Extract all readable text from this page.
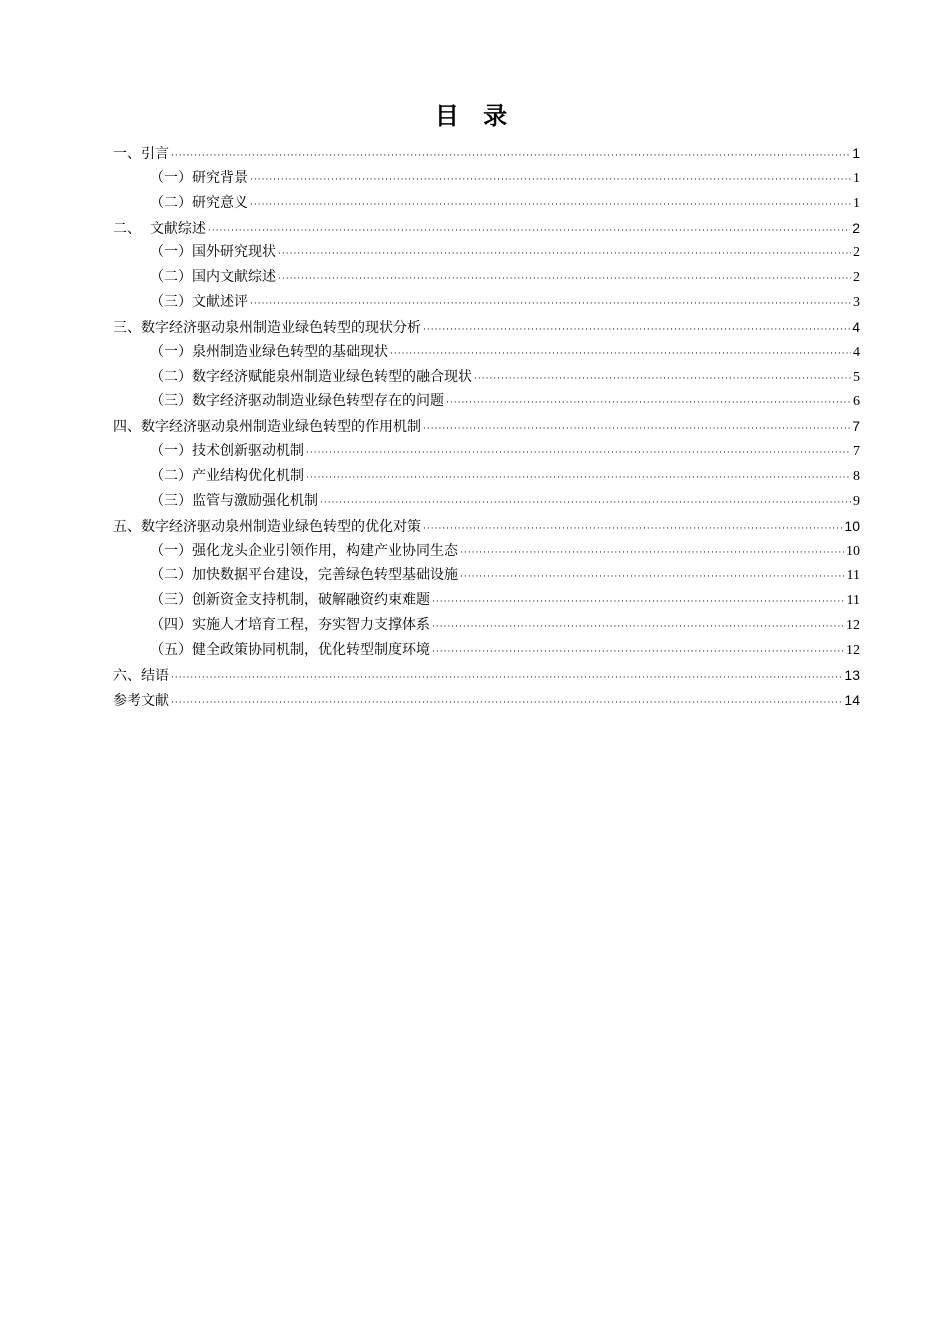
目 录
一、引言 ·····	1
（一）研究背景 ·····	1
（二）研究意义 ·····	1
二、  文献综述 ·····	2
（一）国外研究现状 ·····	2
（二）国内文献综述 ·····	2
（三）文献述评 ·····	3
三、数字经济驱动泉州制造业绿色转型的现状分析 ·····	4
（一）泉州制造业绿色转型的基础现状 ·····	4
（二）数字经济赋能泉州制造业绿色转型的融合现状 ·····	5
（三）数字经济驱动制造业绿色转型存在的问题 ·····	6
四、数字经济驱动泉州制造业绿色转型的作用机制 ·····	7
（一）技术创新驱动机制 ·····	7
（二）产业结构优化机制 ·····	8
（三）监管与激励强化机制 ·····	9
五、数字经济驱动泉州制造业绿色转型的优化对策 ·····	10
（一）强化龙头企业引领作用，构建产业协同生态 ·····	10
（二）加快数据平台建设，完善绿色转型基础设施 ·····	11
（三）创新资金支持机制，破解融资约束难题 ·····	11
（四）实施人才培育工程，夯实智力支撑体系 ·····	12
（五）健全政策协同机制，优化转型制度环境 ·····	12
六、结语 ·····	13
参考文献 ·····	14
